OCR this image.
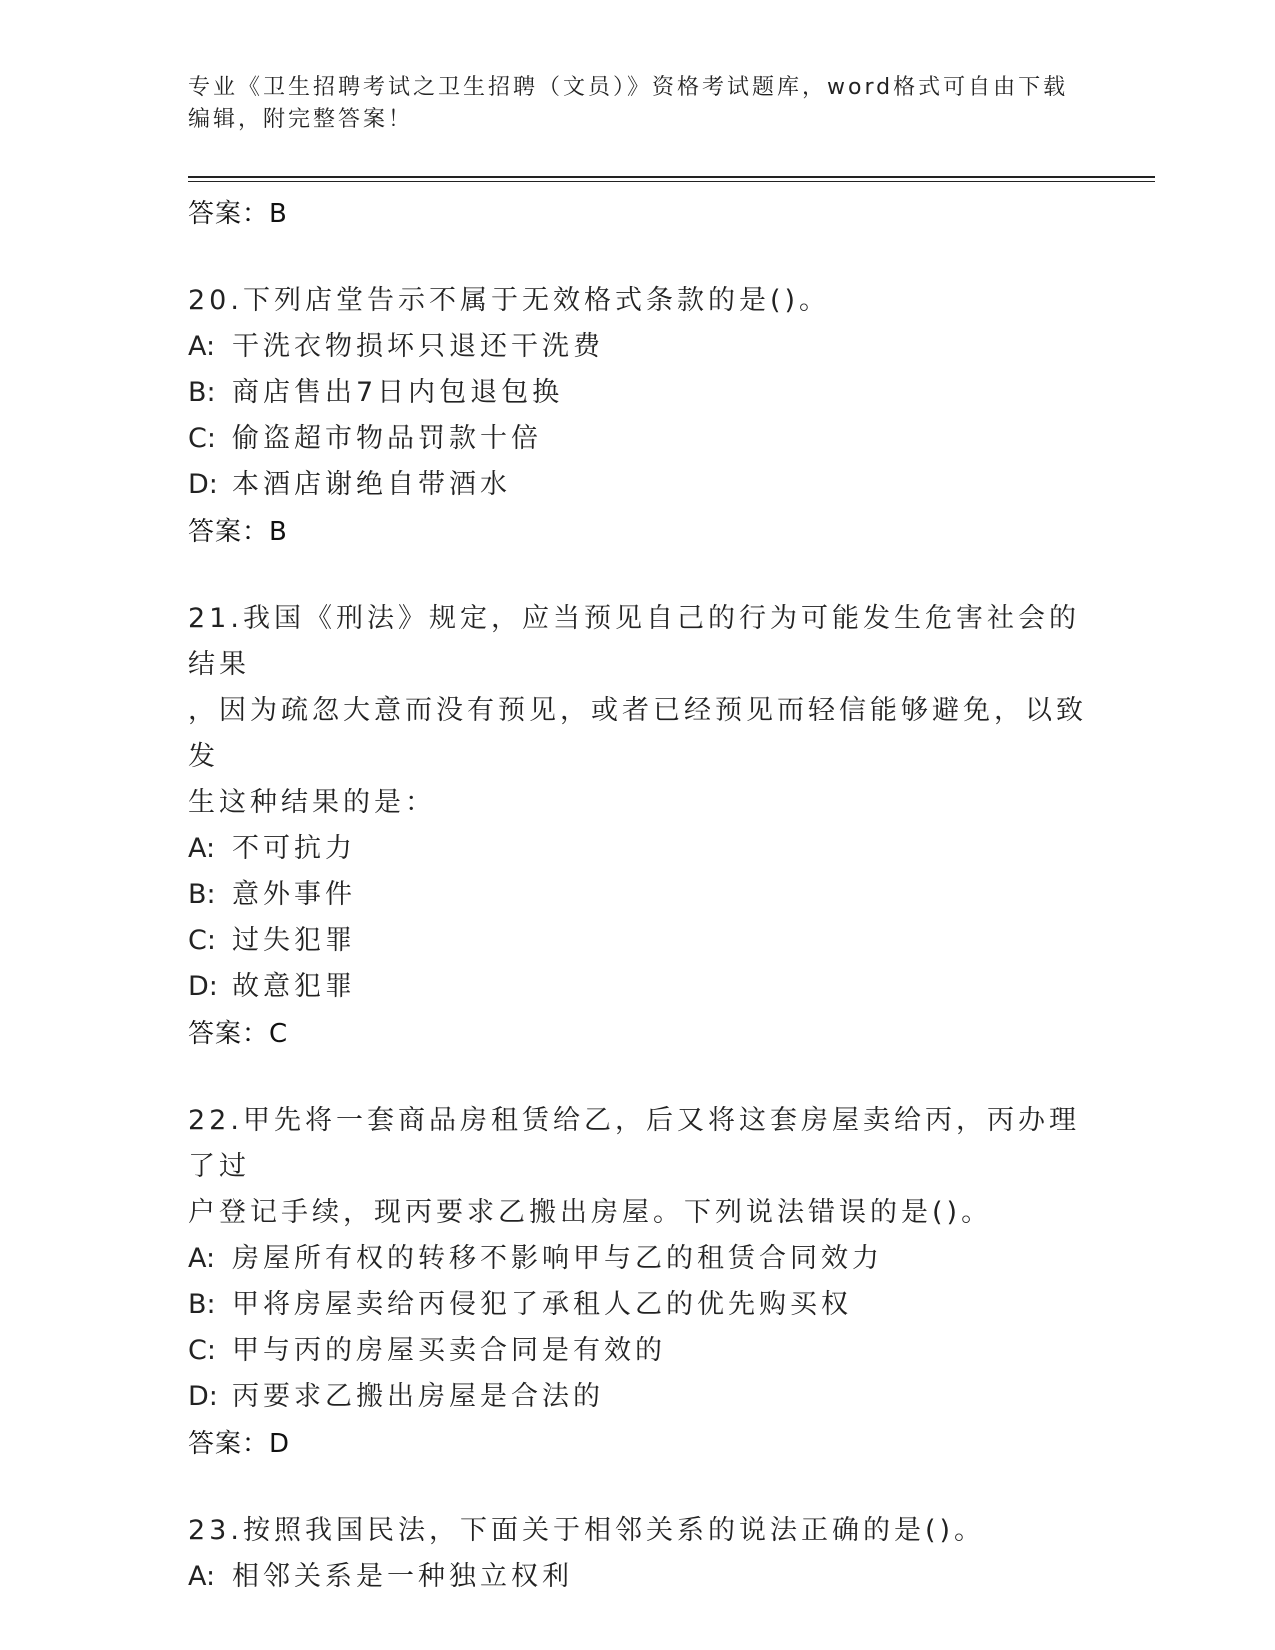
专业《卫生招聘考试之卫生招聘（文员）》资格考试题库，word格式可自由下载
编辑，附完整答案！
答案：B
20.下列店堂告示不属于无效格式条款的是()。
A: 干洗衣物损坏只退还干洗费
B: 商店售出7日内包退包换
C: 偷盗超市物品罚款十倍
D: 本酒店谢绝自带酒水
答案：B
21.我国《刑法》规定，应当预见自己的行为可能发生危害社会的结果
，因为疏忽大意而没有预见，或者已经预见而轻信能够避免，以致发
生这种结果的是：
A: 不可抗力
B: 意外事件
C: 过失犯罪
D: 故意犯罪
答案：C
22.甲先将一套商品房租赁给乙，后又将这套房屋卖给丙，丙办理了过
户登记手续，现丙要求乙搬出房屋。下列说法错误的是()。
A: 房屋所有权的转移不影响甲与乙的租赁合同效力
B: 甲将房屋卖给丙侵犯了承租人乙的优先购买权
C: 甲与丙的房屋买卖合同是有效的
D: 丙要求乙搬出房屋是合法的
答案：D
23.按照我国民法，下面关于相邻关系的说法正确的是()。
A: 相邻关系是一种独立权利
